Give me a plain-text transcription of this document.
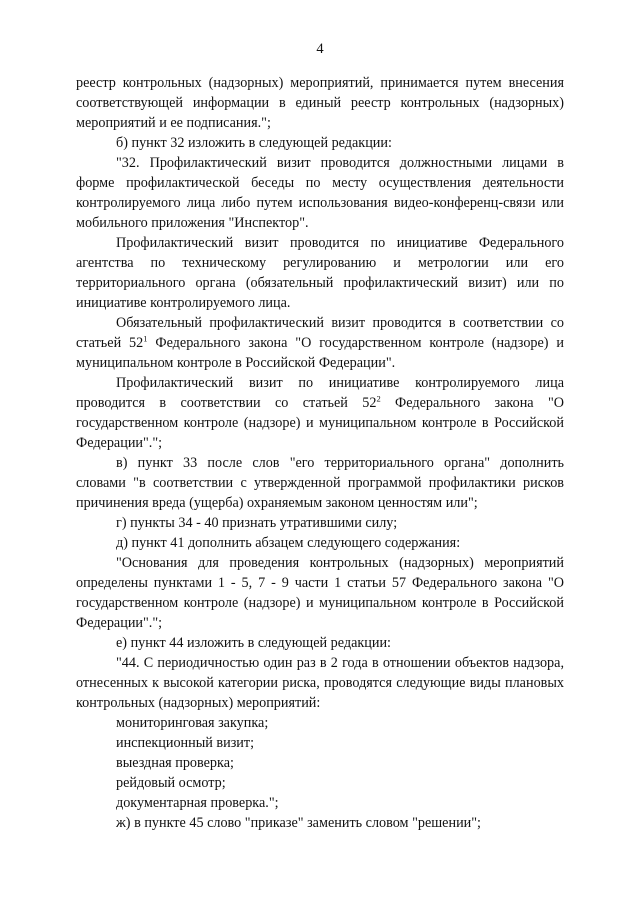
4

реестр контрольных (надзорных) мероприятий, принимается путем внесения соответствующей информации в единый реестр контрольных (надзорных) мероприятий и ее подписания.";

б) пункт 32 изложить в следующей редакции:

"32. Профилактический визит проводится должностными лицами в форме профилактической беседы по месту осуществления деятельности контролируемого лица либо путем использования видео-конференц-связи или мобильного приложения "Инспектор".

Профилактический визит проводится по инициативе Федерального агентства по техническому регулированию и метрологии или его территориального органа (обязательный профилактический визит) или по инициативе контролируемого лица.

Обязательный профилактический визит проводится в соответствии со статьей $52^1$ Федерального закона "О государственном контроле (надзоре) и муниципальном контроле в Российской Федерации".

Профилактический визит по инициативе контролируемого лица проводится в соответствии со статьей $52^2$ Федерального закона "О государственном контроле (надзоре) и муниципальном контроле в Российской Федерации".";

в) пункт 33 после слов "его территориального органа" дополнить словами "в соответствии с утвержденной программой профилактики рисков причинения вреда (ущерба) охраняемым законом ценностям или";

г) пункты 34 - 40 признать утратившими силу;

д) пункт 41 дополнить абзацем следующего содержания:

"Основания для проведения контрольных (надзорных) мероприятий определены пунктами 1 - 5, 7 - 9 части 1 статьи 57 Федерального закона "О государственном контроле (надзоре) и муниципальном контроле в Российской Федерации".";

е) пункт 44 изложить в следующей редакции:

"44. С периодичностью один раз в 2 года в отношении объектов надзора, отнесенных к высокой категории риска, проводятся следующие виды плановых контрольных (надзорных) мероприятий:

мониторинговая закупка;

инспекционный визит;

выездная проверка;

рейдовый осмотр;

документарная проверка.";

ж) в пункте 45 слово "приказе" заменить словом "решении";
